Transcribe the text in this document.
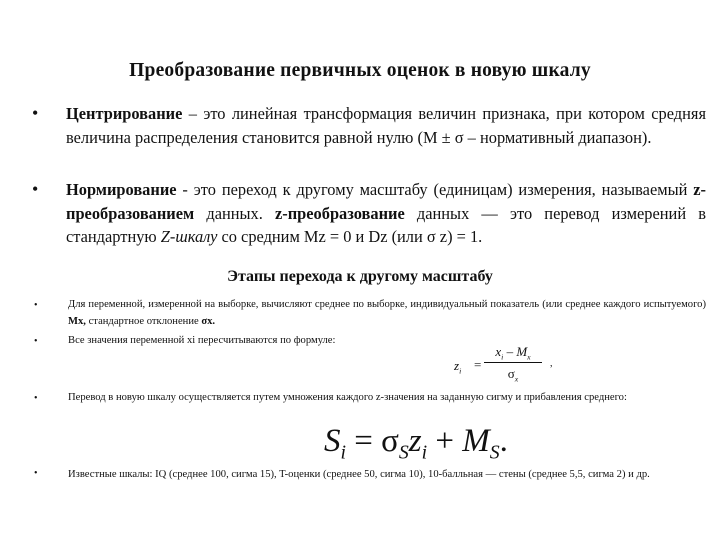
Преобразование первичных оценок в новую шкалу
• Центрирование – это линейная трансформация величин признака, при котором средняя величина распределения становится равной нулю (М ± σ – нормативный диапазон).
• Нормирование - это переход к другому масштабу (единицам) измерения, называемый z-преобразованием данных. z-преобразование данных — это перевод измерений в стандартную Z-шкалу со средним Mz = 0 и Dz (или σ z) = 1.
Этапы перехода к другому масштабу
•	Для переменной, измеренной на выборке, вычисляют среднее по выборке, индивидуальный показатель (или среднее каждого испытуемого) Мх, стандартное отклонение σх.
•	Все значения переменной xi пересчитываются по формуле:
$z_i$ =
$x_i - M_x$
$\sigma_x$
,
•	Перевод в новую шкалу осуществляется путем умножения каждого z-значения на заданную сигму и прибавления среднего:
$S_i = \sigma_Sz_i + M_S$.
•	Известные шкалы: IQ (среднее 100, сигма 15), T-оценки (среднее 50, сигма 10), 10-балльная — стены (среднее 5,5, сигма 2) и др.
